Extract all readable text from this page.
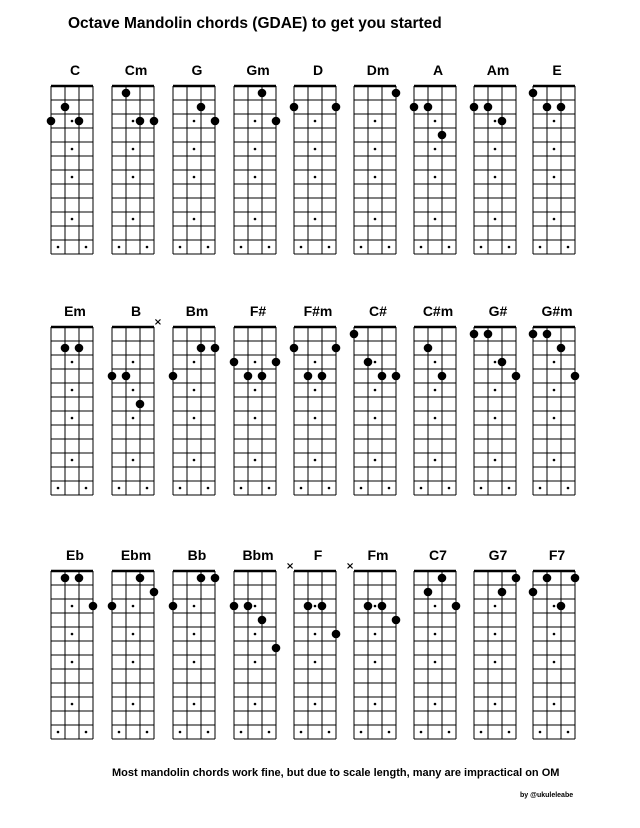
Octave Mandolin chords (GDAE) to get you started
C	Cm	G	Gm	D	Dm	A	Am	E
Em	B
×
Bm	F#	F#m	C#	C#m	G#	G#m
Eb	Ebm	Bb	Bbm	F
×
Fm
×
C7	G7	F7
Most mandolin chords work fine, but due to scale length, many are impractical on OM
by @ukuleleabe
